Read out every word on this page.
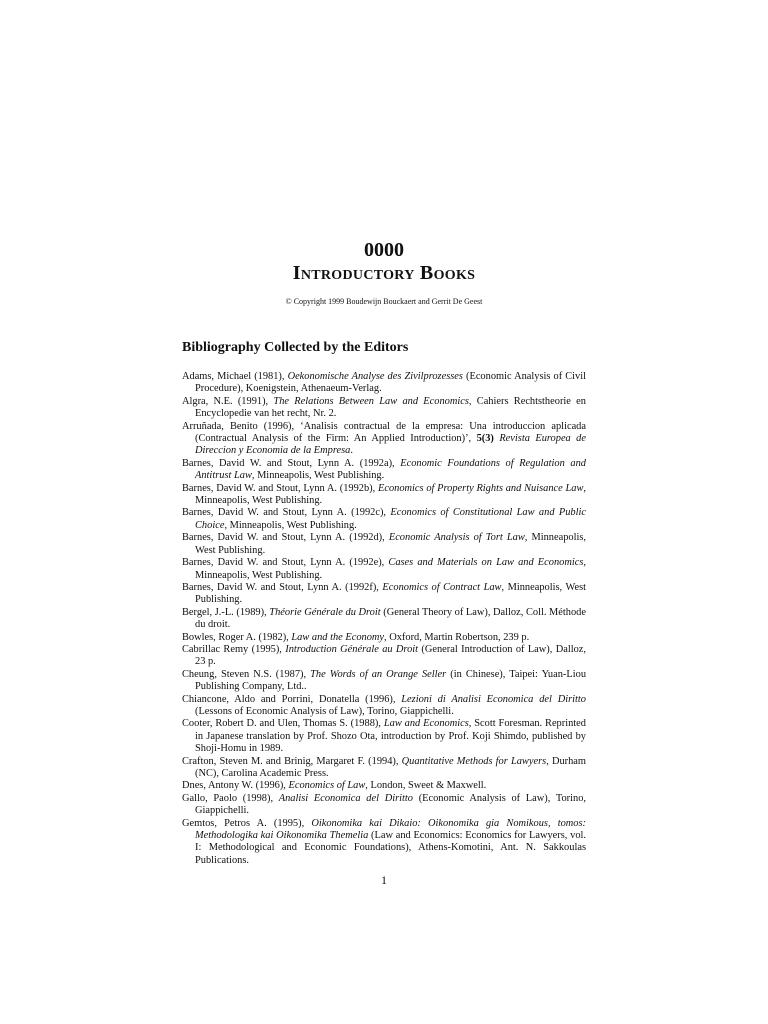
0000
Introductory Books
© Copyright 1999 Boudewijn Bouckaert and Gerrit De Geest
Bibliography Collected by the Editors
Adams, Michael (1981), Oekonomische Analyse des Zivilprozesses (Economic Analysis of Civil Procedure), Koenigstein, Athenaeum-Verlag.
Algra, N.E. (1991), The Relations Between Law and Economics, Cahiers Rechtstheorie en Encyclopedie van het recht, Nr. 2.
Arruñada, Benito (1996), ‘Analisis contractual de la empresa: Una introduccion aplicada (Contractual Analysis of the Firm: An Applied Introduction)’, 5(3) Revista Europea de Direccion y Economia de la Empresa.
Barnes, David W. and Stout, Lynn A. (1992a), Economic Foundations of Regulation and Antitrust Law, Minneapolis, West Publishing.
Barnes, David W. and Stout, Lynn A. (1992b), Economics of Property Rights and Nuisance Law, Minneapolis, West Publishing.
Barnes, David W. and Stout, Lynn A. (1992c), Economics of Constitutional Law and Public Choice, Minneapolis, West Publishing.
Barnes, David W. and Stout, Lynn A. (1992d), Economic Analysis of Tort Law, Minneapolis, West Publishing.
Barnes, David W. and Stout, Lynn A. (1992e), Cases and Materials on Law and Economics, Minneapolis, West Publishing.
Barnes, David W. and Stout, Lynn A. (1992f), Economics of Contract Law, Minneapolis, West Publishing.
Bergel, J.-L. (1989), Théorie Générale du Droit (General Theory of Law), Dalloz, Coll. Méthode du droit.
Bowles, Roger A. (1982), Law and the Economy, Oxford, Martin Robertson, 239 p.
Cabrillac Remy (1995), Introduction Générale au Droit (General Introduction of Law), Dalloz, 23 p.
Cheung, Steven N.S. (1987), The Words of an Orange Seller (in Chinese), Taipei: Yuan-Liou Publishing Company, Ltd..
Chiancone, Aldo and Porrini, Donatella (1996), Lezioni di Analisi Economica del Diritto (Lessons of Economic Analysis of Law), Torino, Giappichelli.
Cooter, Robert D. and Ulen, Thomas S. (1988), Law and Economics, Scott Foresman. Reprinted in Japanese translation by Prof. Shozo Ota, introduction by Prof. Koji Shimdo, published by Shoji-Homu in 1989.
Crafton, Steven M. and Brinig, Margaret F. (1994), Quantitative Methods for Lawyers, Durham (NC), Carolina Academic Press.
Dnes, Antony W. (1996), Economics of Law, London, Sweet & Maxwell.
Gallo, Paolo (1998), Analisi Economica del Diritto (Economic Analysis of Law), Torino, Giappichelli.
Gemtos, Petros A. (1995), Oikonomika kai Dikaio: Oikonomika gia Nomikous, tomos: Methodologika kai Oikonomika Themelia (Law and Economics: Economics for Lawyers, vol. I: Methodological and Economic Foundations), Athens-Komotini, Ant. N. Sakkoulas Publications.
1
